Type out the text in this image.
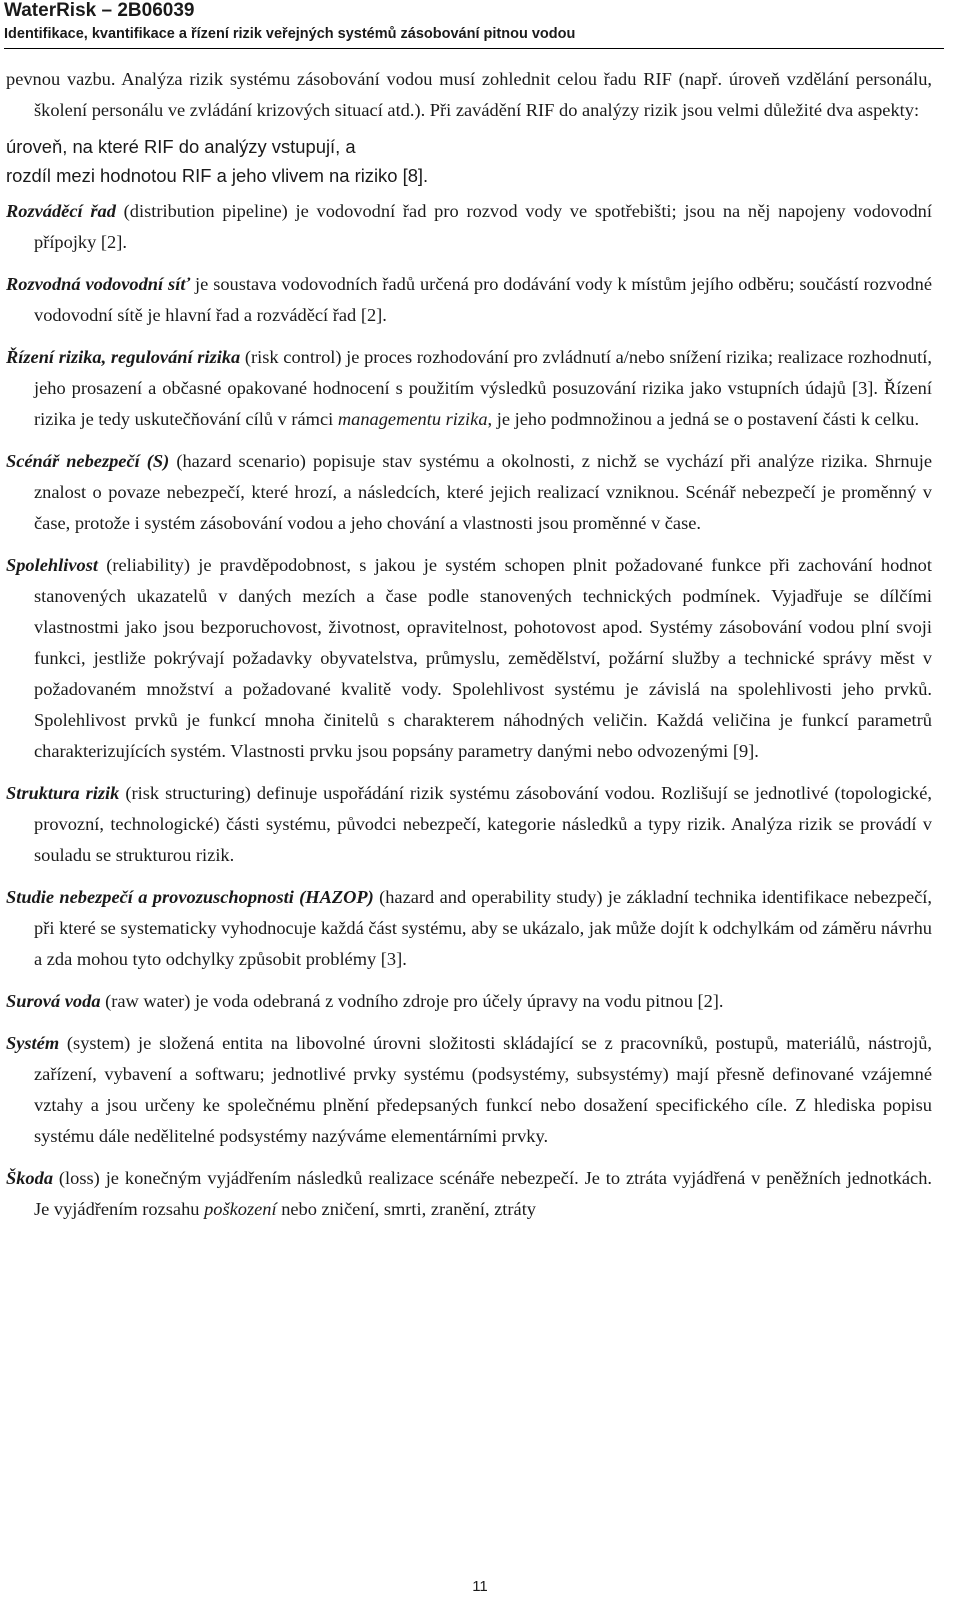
WaterRisk – 2B06039

Identifikace, kvantifikace a řízení rizik veřejných systémů zásobování pitnou vodou

pevnou vazbu. Analýza rizik systému zásobování vodou musí zohlednit celou řadu RIF (např. úroveň vzdělání personálu, školení personálu ve zvládání krizových situací atd.). Při zavádění RIF do analýzy rizik jsou velmi důležité dva aspekty:

úroveň, na které RIF do analýzy vstupují, a

rozdíl mezi hodnotou RIF a jeho vlivem na riziko [8].

Rozváděcí řad (distribution pipeline) je vodovodní řad pro rozvod vody ve spotřebišti; jsou na něj napojeny vodovodní přípojky [2].

Rozvodná vodovodní síť je soustava vodovodních řadů určená pro dodávání vody k místům jejího odběru; součástí rozvodné vodovodní sítě je hlavní řad a rozváděcí řad [2].

Řízení rizika, regulování rizika (risk control) je proces rozhodování pro zvládnutí a/nebo snížení rizika; realizace rozhodnutí, jeho prosazení a občasné opakované hodnocení s použitím výsledků posuzování rizika jako vstupních údajů [3]. Řízení rizika je tedy uskutečňování cílů v rámci managementu rizika, je jeho podmnožinou a jedná se o postavení části k celku.

Scénář nebezpečí (S) (hazard scenario) popisuje stav systému a okolnosti, z nichž se vychází při analýze rizika. Shrnuje znalost o povaze nebezpečí, které hrozí, a následcích, které jejich realizací vzniknou. Scénář nebezpečí je proměnný v čase, protože i systém zásobování vodou a jeho chování a vlastnosti jsou proměnné v čase.

Spolehlivost (reliability) je pravděpodobnost, s jakou je systém schopen plnit požadované funkce při zachování hodnot stanovených ukazatelů v daných mezích a čase podle stanovených technických podmínek. Vyjadřuje se dílčími vlastnostmi jako jsou bezporuchovost, životnost, opravitelnost, pohotovost apod. Systémy zásobování vodou plní svoji funkci, jestliže pokrývají požadavky obyvatelstva, průmyslu, zemědělství, požární služby a technické správy měst v požadovaném množství a požadované kvalitě vody. Spolehlivost systému je závislá na spolehlivosti jeho prvků. Spolehlivost prvků je funkcí mnoha činitelů s charakterem náhodných veličin. Každá veličina je funkcí parametrů charakterizujících systém. Vlastnosti prvku jsou popsány parametry danými nebo odvozenými [9].

Struktura rizik (risk structuring) definuje uspořádání rizik systému zásobování vodou. Rozlišují se jednotlivé (topologické, provozní, technologické) části systému, původci nebezpečí, kategorie následků a typy rizik. Analýza rizik se provádí v souladu se strukturou rizik.

Studie nebezpečí a provozuschopnosti (HAZOP) (hazard and operability study) je základní technika identifikace nebezpečí, při které se systematicky vyhodnocuje každá část systému, aby se ukázalo, jak může dojít k odchylkám od záměru návrhu a zda mohou tyto odchylky způsobit problémy [3].

Surová voda (raw water) je voda odebraná z vodního zdroje pro účely úpravy na vodu pitnou [2].

Systém (system) je složená entita na libovolné úrovni složitosti skládající se z pracovníků, postupů, materiálů, nástrojů, zařízení, vybavení a softwaru; jednotlivé prvky systému (podsystémy, subsystémy) mají přesně definované vzájemné vztahy a jsou určeny ke společnému plnění předepsaných funkcí nebo dosažení specifického cíle. Z hlediska popisu systému dále nedělitelné podsystémy nazýváme elementárními prvky.

Škoda (loss) je konečným vyjádřením následků realizace scénáře nebezpečí. Je to ztráta vyjádřená v peněžních jednotkách. Je vyjádřením rozsahu poškození nebo zničení, smrti, zranění, ztráty

11
